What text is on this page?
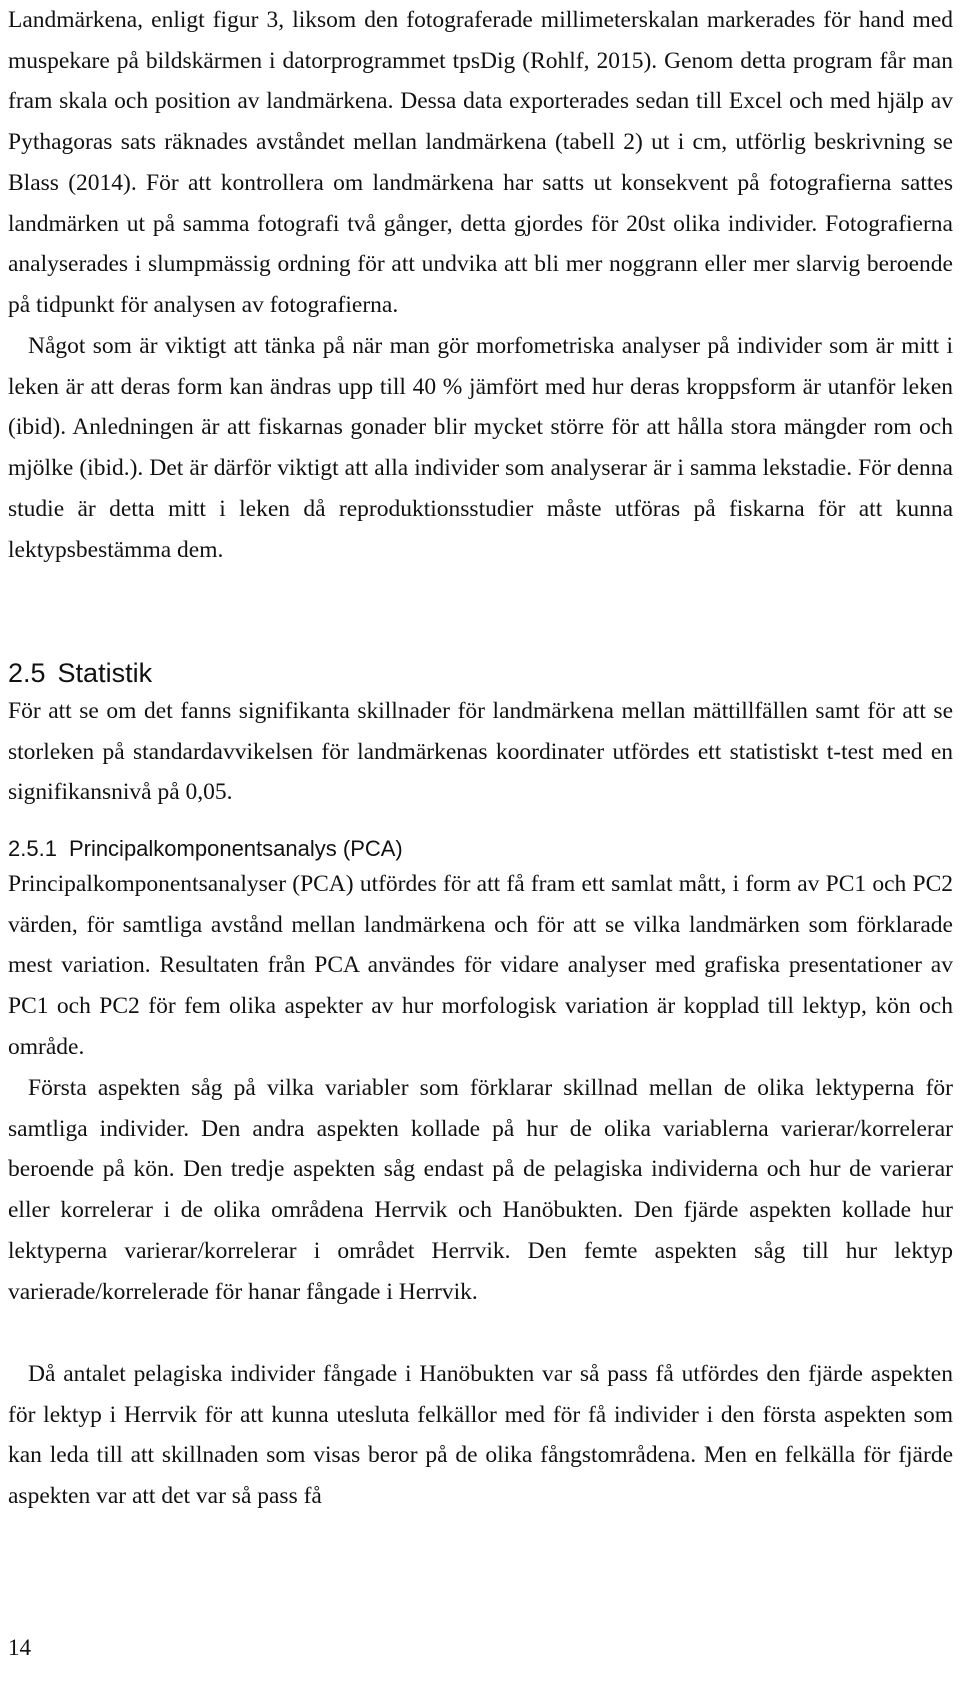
Landmärkena, enligt figur 3, liksom den fotograferade millimeterskalan markerades för hand med muspekare på bildskärmen i datorprogrammet tpsDig (Rohlf, 2015). Genom detta program får man fram skala och position av landmärkena. Dessa data exporterades sedan till Excel och med hjälp av Pythagoras sats räknades avståndet mellan landmärkena (tabell 2) ut i cm, utförlig beskrivning se Blass (2014). För att kontrollera om landmärkena har satts ut konsekvent på fotografierna sattes landmärken ut på samma fotografi två gånger, detta gjordes för 20st olika individer. Fotografierna analyserades i slumpmässig ordning för att undvika att bli mer noggrann eller mer slarvig beroende på tidpunkt för analysen av fotografierna.

Något som är viktigt att tänka på när man gör morfometriska analyser på individer som är mitt i leken är att deras form kan ändras upp till 40 % jämfört med hur deras kroppsform är utanför leken (ibid). Anledningen är att fiskarnas gonader blir mycket större för att hålla stora mängder rom och mjölke (ibid.). Det är därför viktigt att alla individer som analyserar är i samma lekstadie. För denna studie är detta mitt i leken då reproduktionsstudier måste utföras på fiskarna för att kunna lektypsbestämma dem.

2.5 Statistik

För att se om det fanns signifikanta skillnader för landmärkena mellan mättillfällen samt för att se storleken på standardavvikelsen för landmärkenas koordinater utfördes ett statistiskt t-test med en signifikansnivå på 0,05.

2.5.1 Principalkomponentsanalys (PCA)

Principalkomponentsanalyser (PCA) utfördes för att få fram ett samlat mått, i form av PC1 och PC2 värden, för samtliga avstånd mellan landmärkena och för att se vilka landmärken som förklarade mest variation. Resultaten från PCA användes för vidare analyser med grafiska presentationer av PC1 och PC2 för fem olika aspekter av hur morfologisk variation är kopplad till lektyp, kön och område.

Första aspekten såg på vilka variabler som förklarar skillnad mellan de olika lektyperna för samtliga individer. Den andra aspekten kollade på hur de olika variablerna varierar/korrelerar beroende på kön. Den tredje aspekten såg endast på de pelagiska individerna och hur de varierar eller korrelerar i de olika områdena Herrvik och Hanöbukten. Den fjärde aspekten kollade hur lektyperna varierar/korrelerar i området Herrvik. Den femte aspekten såg till hur lektyp varierade/korrelerade för hanar fångade i Herrvik.

Då antalet pelagiska individer fångade i Hanöbukten var så pass få utfördes den fjärde aspekten för lektyp i Herrvik för att kunna utesluta felkällor med för få individer i den första aspekten som kan leda till att skillnaden som visas beror på de olika fångstområdena. Men en felkälla för fjärde aspekten var att det var så pass få

14
